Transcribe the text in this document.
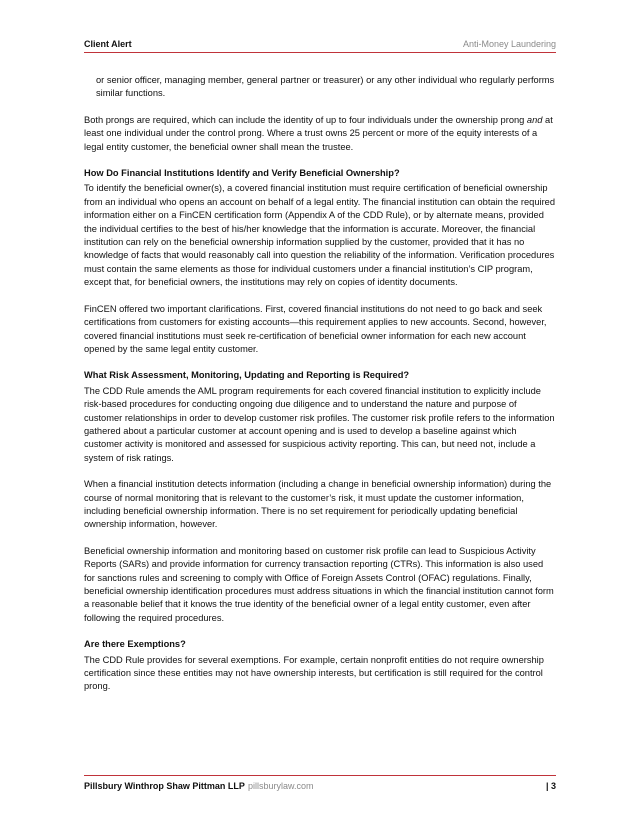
Client Alert	Anti-Money Laundering

or senior officer, managing member, general partner or treasurer) or any other individual who regularly performs similar functions.

Both prongs are required, which can include the identity of up to four individuals under the ownership prong and at least one individual under the control prong. Where a trust owns 25 percent or more of the equity interests of a legal entity customer, the beneficial owner shall mean the trustee.

How Do Financial Institutions Identify and Verify Beneficial Ownership?

To identify the beneficial owner(s), a covered financial institution must require certification of beneficial ownership from an individual who opens an account on behalf of a legal entity. The financial institution can obtain the required information either on a FinCEN certification form (Appendix A of the CDD Rule), or by alternate means, provided the individual certifies to the best of his/her knowledge that the information is accurate. Moreover, the financial institution can rely on the beneficial ownership information supplied by the customer, provided that it has no knowledge of facts that would reasonably call into question the reliability of the information. Verification procedures must contain the same elements as those for individual customers under a financial institution’s CIP program, except that, for beneficial owners, the institutions may rely on copies of identity documents.

FinCEN offered two important clarifications. First, covered financial institutions do not need to go back and seek certifications from customers for existing accounts—this requirement applies to new accounts. Second, however, covered financial institutions must seek re-certification of beneficial owner information for each new account opened by the same legal entity customer.

What Risk Assessment, Monitoring, Updating and Reporting is Required?

The CDD Rule amends the AML program requirements for each covered financial institution to explicitly include risk-based procedures for conducting ongoing due diligence and to understand the nature and purpose of customer relationships in order to develop customer risk profiles. The customer risk profile refers to the information gathered about a particular customer at account opening and is used to develop a baseline against which customer activity is monitored and assessed for suspicious activity reporting. This can, but need not, include a system of risk ratings.

When a financial institution detects information (including a change in beneficial ownership information) during the course of normal monitoring that is relevant to the customer’s risk, it must update the customer information, including beneficial ownership information. There is no set requirement for periodically updating beneficial ownership information, however.

Beneficial ownership information and monitoring based on customer risk profile can lead to Suspicious Activity Reports (SARs) and provide information for currency transaction reporting (CTRs). This information is also used for sanctions rules and screening to comply with Office of Foreign Assets Control (OFAC) regulations. Finally, beneficial ownership identification procedures must address situations in which the financial institution cannot form a reasonable belief that it knows the true identity of the beneficial owner of a legal entity customer, even after following the required procedures.

Are there Exemptions?

The CDD Rule provides for several exemptions. For example, certain nonprofit entities do not require ownership certification since these entities may not have ownership interests, but certification is still required for the control prong.

Pillsbury Winthrop Shaw Pittman LLP pillsburylaw.com	| 3
